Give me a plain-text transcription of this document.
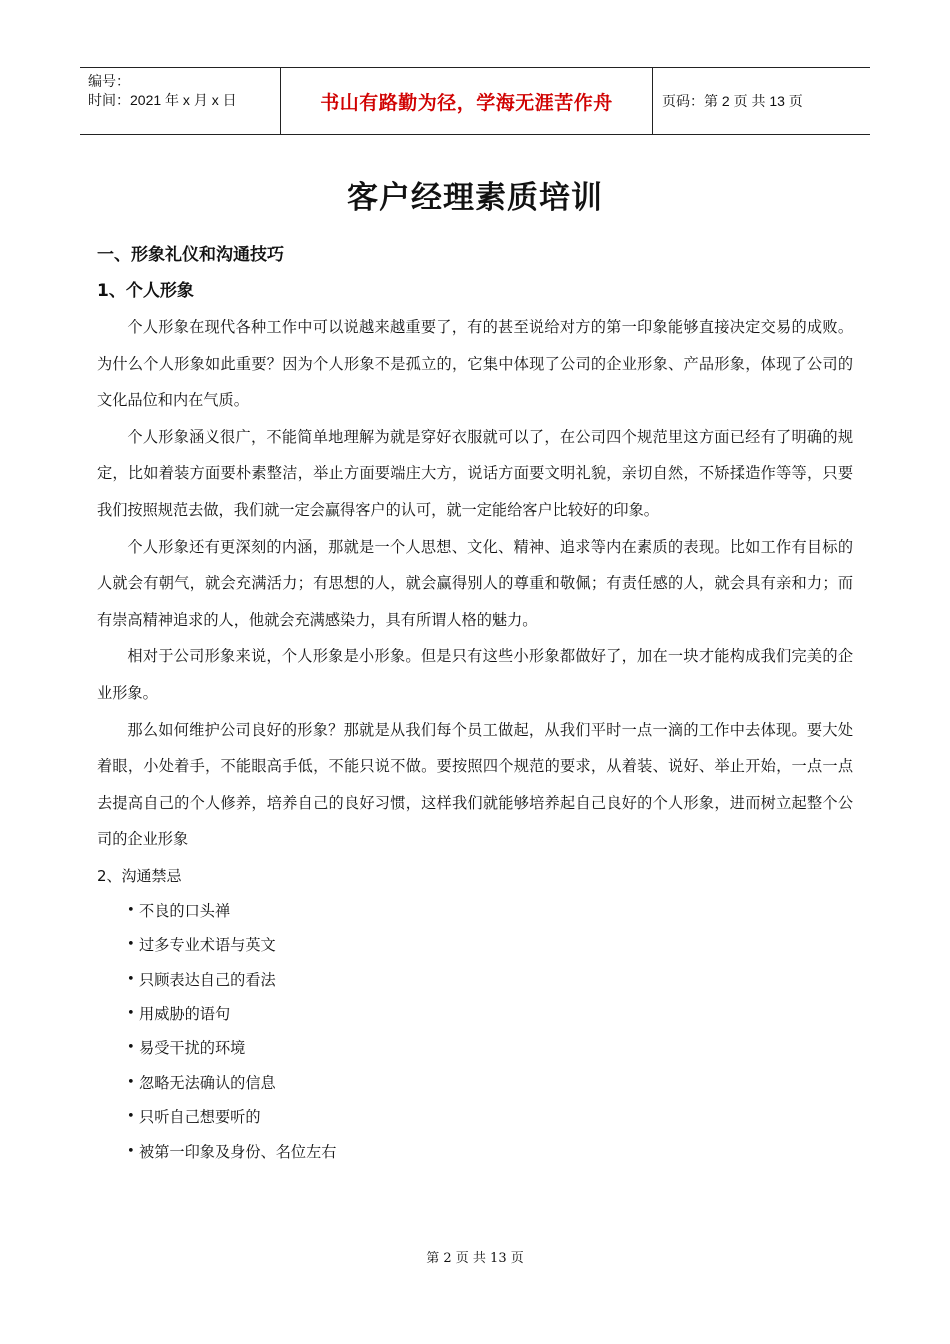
编号：
时间：2021 年 x 月 x 日	书山有路勤为径，学海无涯苦作舟	页码：第 2 页 共 13 页
客户经理素质培训
一、形象礼仪和沟通技巧
1、个人形象

个人形象在现代各种工作中可以说越来越重要了，有的甚至说给对方的第一印象能够直接决定交易的成败。为什么个人形象如此重要？因为个人形象不是孤立的，它集中体现了公司的企业形象、产品形象，体现了公司的文化品位和内在气质。

个人形象涵义很广，不能简单地理解为就是穿好衣服就可以了，在公司四个规范里这方面已经有了明确的规定，比如着装方面要朴素整洁，举止方面要端庄大方，说话方面要文明礼貌，亲切自然，不矫揉造作等等，只要我们按照规范去做，我们就一定会赢得客户的认可，就一定能给客户比较好的印象。

个人形象还有更深刻的内涵，那就是一个人思想、文化、精神、追求等内在素质的表现。比如工作有目标的人就会有朝气，就会充满活力；有思想的人，就会赢得别人的尊重和敬佩；有责任感的人，就会具有亲和力；而有崇高精神追求的人，他就会充满感染力，具有所谓人格的魅力。

相对于公司形象来说，个人形象是小形象。但是只有这些小形象都做好了，加在一块才能构成我们完美的企业形象。

那么如何维护公司良好的形象？那就是从我们每个员工做起，从我们平时一点一滴的工作中去体现。要大处着眼，小处着手，不能眼高手低，不能只说不做。要按照四个规范的要求，从着装、说好、举止开始，一点一点去提高自己的个人修养，培养自己的良好习惯，这样我们就能够培养起自己良好的个人形象，进而树立起整个公司的企业形象

2、沟通禁忌
• 不良的口头禅
• 过多专业术语与英文
• 只顾表达自己的看法
• 用威胁的语句
• 易受干扰的环境
• 忽略无法确认的信息
• 只听自己想要听的
• 被第一印象及身份、名位左右
第 2 页 共 13 页
